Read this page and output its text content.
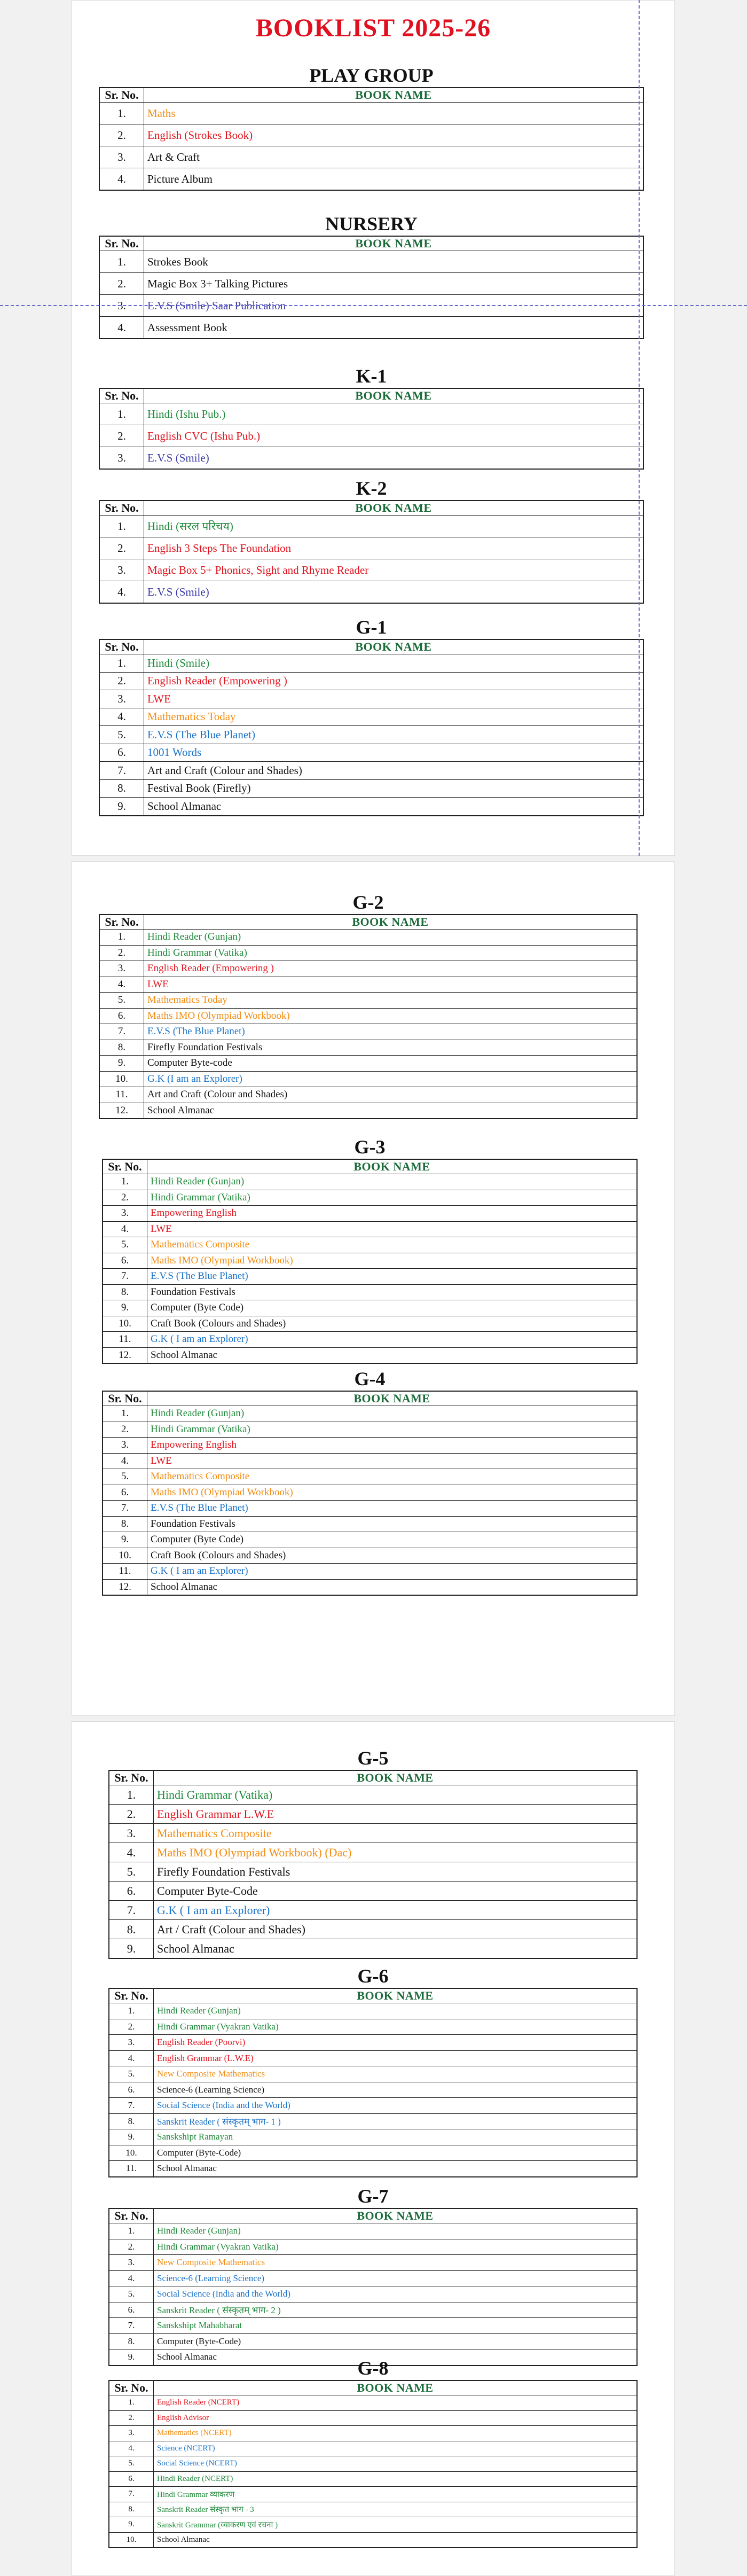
BOOKLIST 2025-26
PLAY GROUP
Sr. No.	BOOK NAME
1.	Maths
2.	English (Strokes Book)
3.	Art & Craft
4.	Picture Album
NURSERY
Sr. No.	BOOK NAME
1.	Strokes Book
2.	Magic Box 3+ Talking Pictures
3.	E.V.S (Smile) Saar Publication
4.	Assessment Book
K-1
Sr. No.	BOOK NAME
1.	Hindi (Ishu Pub.)
2.	English CVC (Ishu Pub.)
3.	E.V.S (Smile)
K-2
Sr. No.	BOOK NAME
1.	Hindi (सरल परिचय)
2.	English 3 Steps The Foundation
3.	Magic Box 5+ Phonics, Sight and Rhyme Reader
4.	E.V.S (Smile)
G-1
Sr. No.	BOOK NAME
1.	Hindi (Smile)
2.	English Reader (Empowering )
3.	LWE
4.	Mathematics Today
5.	E.V.S (The Blue Planet)
6.	1001 Words
7.	Art and Craft (Colour and Shades)
8.	Festival Book (Firefly)
9.	School Almanac
G-2
Sr. No.	BOOK NAME
1.	Hindi Reader (Gunjan)
2.	Hindi Grammar (Vatika)
3.	English Reader (Empowering )
4.	LWE
5.	Mathematics Today
6.	Maths IMO (Olympiad Workbook)
7.	E.V.S (The Blue Planet)
8.	Firefly Foundation Festivals
9.	Computer Byte-code
10.	G.K (I am an Explorer)
11.	Art and Craft (Colour and Shades)
12.	School Almanac
G-3
Sr. No.	BOOK NAME
1.	Hindi Reader (Gunjan)
2.	Hindi Grammar (Vatika)
3.	Empowering English
4.	LWE
5.	Mathematics Composite
6.	Maths IMO (Olympiad Workbook)
7.	E.V.S (The Blue Planet)
8.	Foundation Festivals
9.	Computer (Byte Code)
10.	Craft Book (Colours and Shades)
11.	G.K ( I am an Explorer)
12.	School Almanac
G-4
Sr. No.	BOOK NAME
1.	Hindi Reader (Gunjan)
2.	Hindi Grammar (Vatika)
3.	Empowering English
4.	LWE
5.	Mathematics Composite
6.	Maths IMO (Olympiad Workbook)
7.	E.V.S (The Blue Planet)
8.	Foundation Festivals
9.	Computer (Byte Code)
10.	Craft Book (Colours and Shades)
11.	G.K ( I am an Explorer)
12.	School Almanac
G-5
Sr. No.	BOOK NAME
1.	Hindi Grammar (Vatika)
2.	English Grammar L.W.E
3.	Mathematics Composite
4.	Maths IMO (Olympiad Workbook) (Dac)
5.	Firefly Foundation Festivals
6.	Computer Byte-Code
7.	G.K ( I am an Explorer)
8.	Art / Craft (Colour and Shades)
9.	School Almanac
G-6
Sr. No.	BOOK NAME
1.	Hindi Reader (Gunjan)
2.	Hindi Grammar (Vyakran Vatika)
3.	English Reader (Poorvi)
4.	English Grammar (L.W.E)
5.	New Composite Mathematics
6.	Science-6 (Learning Science)
7.	Social Science (India and the World)
8.	Sanskrit Reader ( संस्कृतम्‌ भाग- 1 )
9.	Sanskshipt Ramayan
10.	Computer (Byte-Code)
11.	School Almanac
G-7
Sr. No.	BOOK NAME
1.	Hindi Reader (Gunjan)
2.	Hindi Grammar (Vyakran Vatika)
3.	New Composite Mathematics
4.	Science-6 (Learning Science)
5.	Social Science (India and the World)
6.	Sanskrit Reader ( संस्कृतम्‌ भाग- 2 )
7.	Sanskshipt Mahabharat
8.	Computer (Byte-Code)
9.	School Almanac
G-8
Sr. No.	BOOK NAME
1.	English Reader (NCERT)
2.	English Advisor
3.	Mathematics (NCERT)
4.	Science (NCERT)
5.	Social Science (NCERT)
6.	Hindi Reader (NCERT)
7.	Hindi Grammar व्याकरण
8.	Sanskrit Reader संस्कृत भाग - 3
9.	Sanskrit Grammar (व्याकरण एवं रचना )
10.	School Almanac
